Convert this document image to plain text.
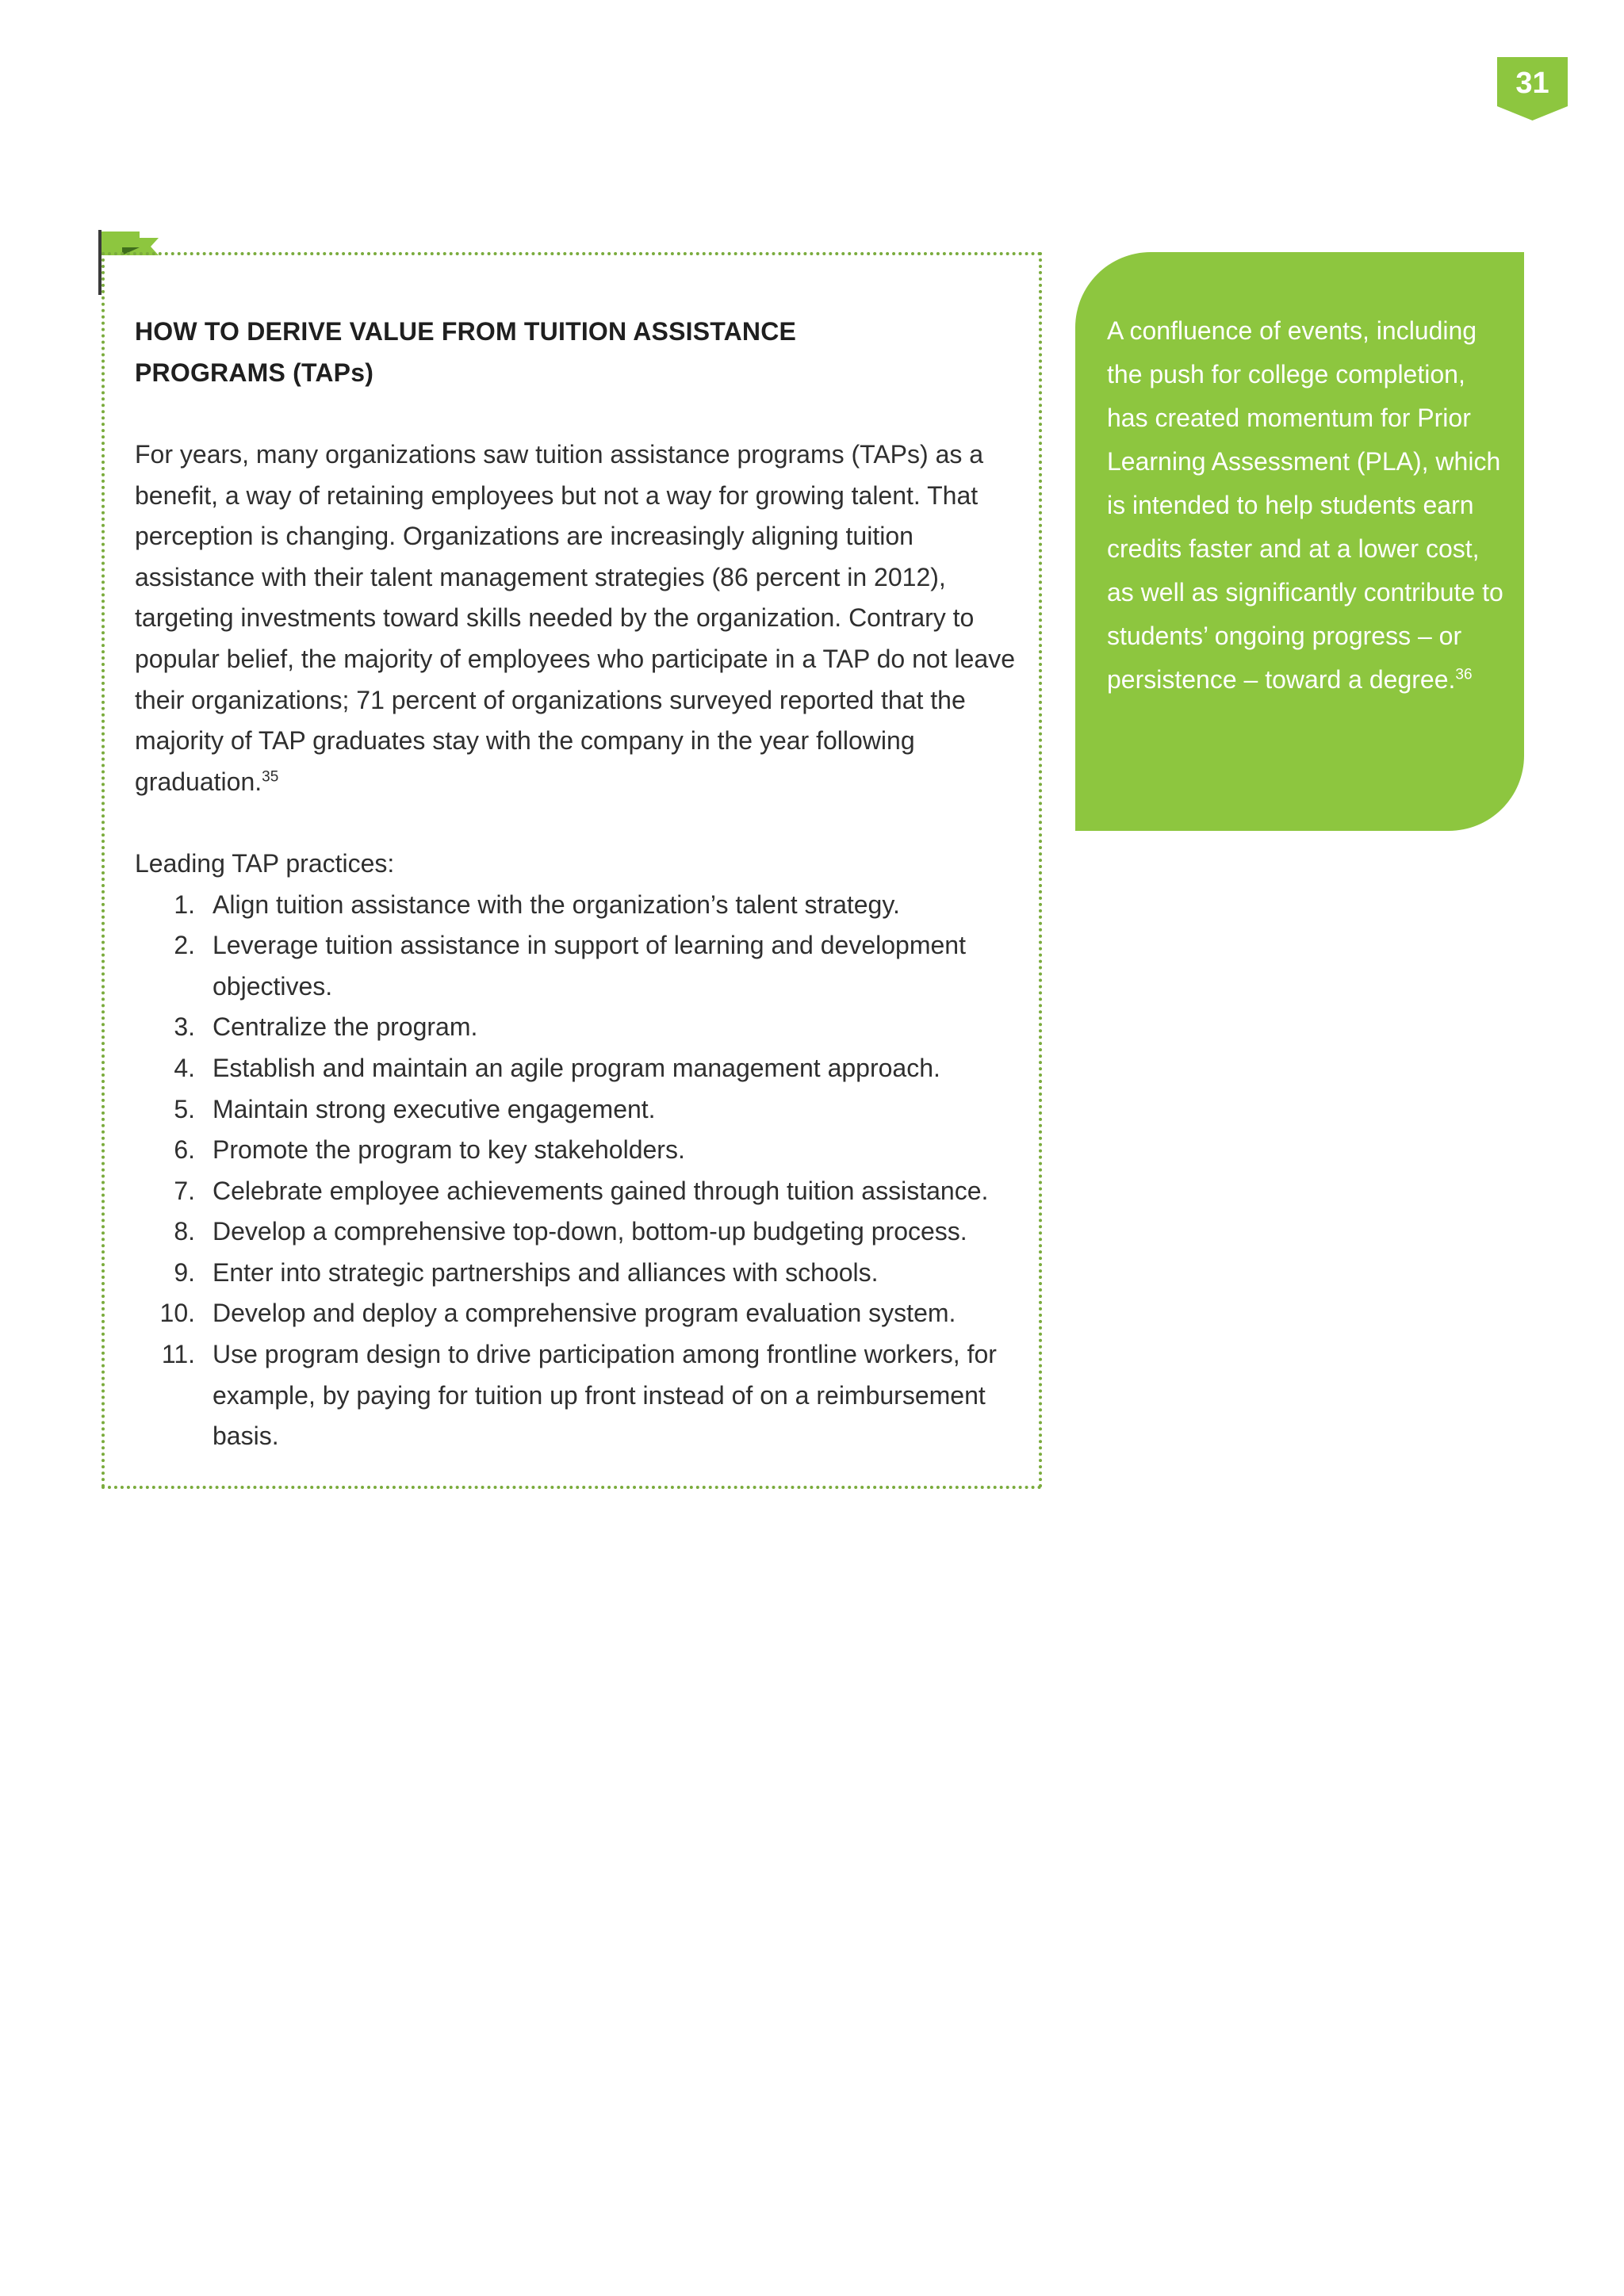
31
HOW TO DERIVE VALUE FROM TUITION ASSISTANCE
PROGRAMS (TAPs)

For years, many organizations saw tuition assistance programs (TAPs) as a benefit, a way of retaining employees but not a way for growing talent. That perception is changing. Organizations are increasingly aligning tuition assistance with their talent management strategies (86 percent in 2012), targeting investments toward skills needed by the organization. Contrary to popular belief, the majority of employees who participate in a TAP do not leave their organizations; 71 percent of organizations surveyed reported that the majority of TAP graduates stay with the company in the year following graduation.$^{35}$

Leading TAP practices:

1. Align tuition assistance with the organization’s talent strategy.
2. Leverage tuition assistance in support of learning and development objectives.
3. Centralize the program.
4. Establish and maintain an agile program management approach.
5. Maintain strong executive engagement.
6. Promote the program to key stakeholders.
7. Celebrate employee achievements gained through tuition assistance.
8. Develop a comprehensive top-down, bottom-up budgeting process.
9. Enter into strategic partnerships and alliances with schools.
10. Develop and deploy a comprehensive program evaluation system.
11. Use program design to drive participation among frontline workers, for example, by paying for tuition up front instead of on a reimbursement basis.

A confluence of events, including the push for college completion, has created momentum for Prior Learning Assessment (PLA), which is intended to help students earn credits faster and at a lower cost, as well as significantly contribute to students’ ongoing progress – or persistence – toward a degree.$^{36}$
